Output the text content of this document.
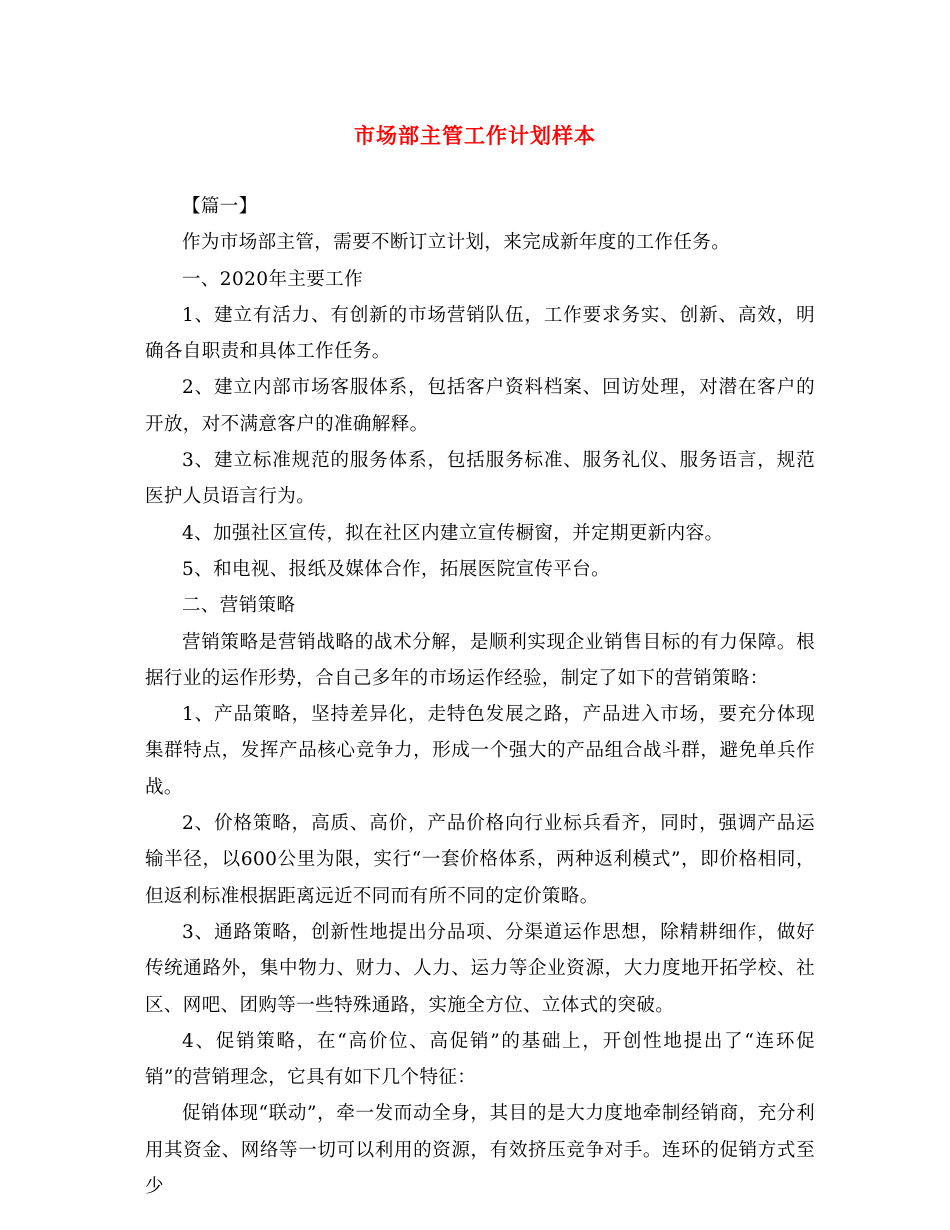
市场部主管工作计划样本

【篇一】

作为市场部主管，需要不断订立计划，来完成新年度的工作任务。

一、2020年主要工作

1、建立有活力、有创新的市场营销队伍，工作要求务实、创新、高效，明确各自职责和具体工作任务。

2、建立内部市场客服体系，包括客户资料档案、回访处理，对潜在客户的开放，对不满意客户的准确解释。

3、建立标准规范的服务体系，包括服务标准、服务礼仪、服务语言，规范医护人员语言行为。

4、加强社区宣传，拟在社区内建立宣传橱窗，并定期更新内容。

5、和电视、报纸及媒体合作，拓展医院宣传平台。

二、营销策略

营销策略是营销战略的战术分解，是顺利实现企业销售目标的有力保障。根据行业的运作形势，合自己多年的市场运作经验，制定了如下的营销策略：

1、产品策略，坚持差异化，走特色发展之路，产品进入市场，要充分体现集群特点，发挥产品核心竞争力，形成一个强大的产品组合战斗群，避免单兵作战。

2、价格策略，高质、高价，产品价格向行业标兵看齐，同时，强调产品运输半径，以600公里为限，实行“一套价格体系，两种返利模式”，即价格相同，但返利标准根据距离远近不同而有所不同的定价策略。

3、通路策略，创新性地提出分品项、分渠道运作思想，除精耕细作，做好传统通路外，集中物力、财力、人力、运力等企业资源，大力度地开拓学校、社区、网吧、团购等一些特殊通路，实施全方位、立体式的突破。

4、促销策略，在“高价位、高促销”的基础上，开创性地提出了“连环促销”的营销理念，它具有如下几个特征：

促销体现“联动”，牵一发而动全身，其目的是大力度地牵制经销商，充分利用其资金、网络等一切可以利用的资源，有效挤压竞争对手。连环的促销方式至少
